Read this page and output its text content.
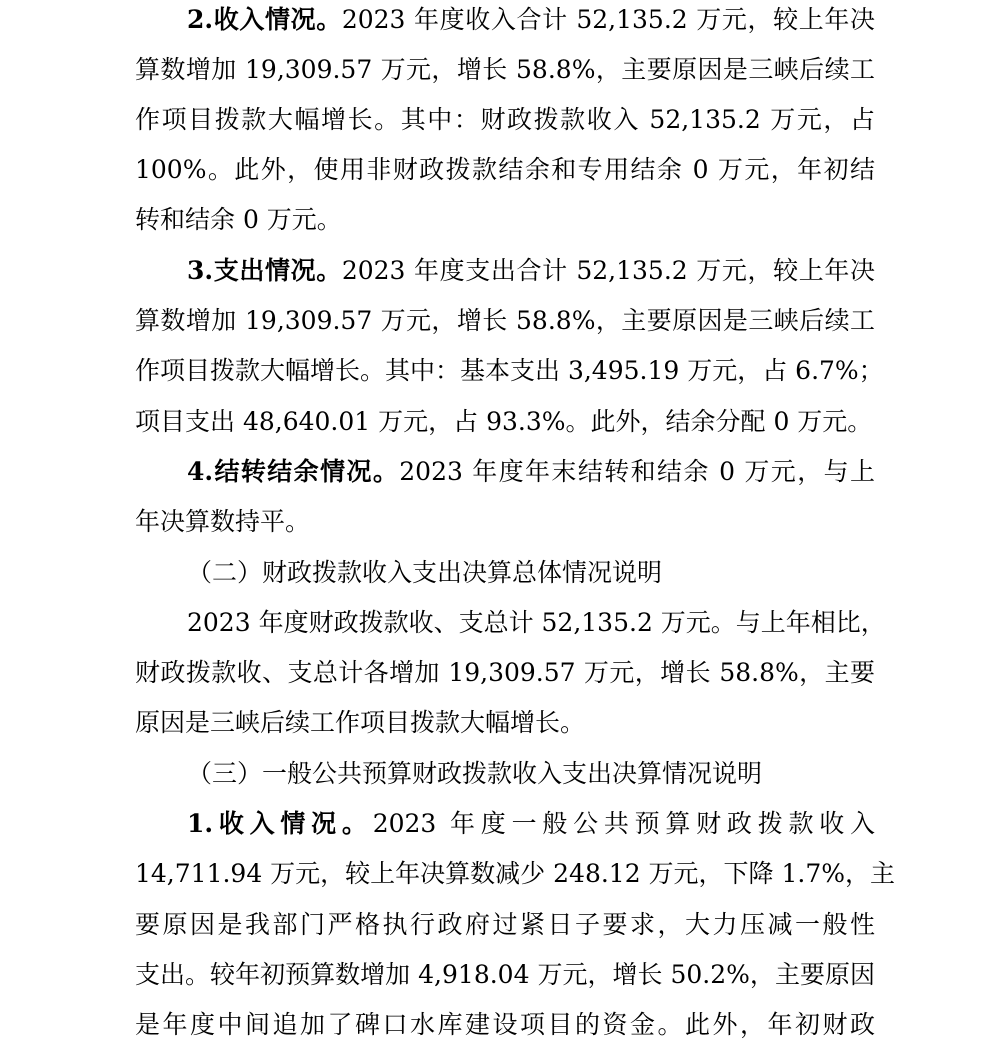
2.收入情况。2023 年度收入合计 52,135.2 万元，较上年决
算数增加 19,309.57 万元，增长 58.8%，主要原因是三峡后续工
作项目拨款大幅增长。其中：财政拨款收入 52,135.2 万元，占
100%。此外，使用非财政拨款结余和专用结余 0 万元，年初结
转和结余 0 万元。
3.支出情况。2023 年度支出合计 52,135.2 万元，较上年决
算数增加 19,309.57 万元，增长 58.8%，主要原因是三峡后续工
作项目拨款大幅增长。其中：基本支出 3,495.19 万元，占 6.7%；
项目支出 48,640.01 万元，占 93.3%。此外，结余分配 0 万元。
4.结转结余情况。2023 年度年末结转和结余 0 万元，与上
年决算数持平。
（二）财政拨款收入支出决算总体情况说明
2023 年度财政拨款收、支总计 52,135.2 万元。与上年相比，
财政拨款收、支总计各增加 19,309.57 万元，增长 58.8%，主要
原因是三峡后续工作项目拨款大幅增长。
（三）一般公共预算财政拨款收入支出决算情况说明
1.收入情况。2023 年度一般公共预算财政拨款收入
14,711.94 万元，较上年决算数减少 248.12 万元，下降 1.7%，主
要原因是我部门严格执行政府过紧日子要求，大力压减一般性
支出。较年初预算数增加 4,918.04 万元，增长 50.2%，主要原因
是年度中间追加了碑口水库建设项目的资金。此外，年初财政
